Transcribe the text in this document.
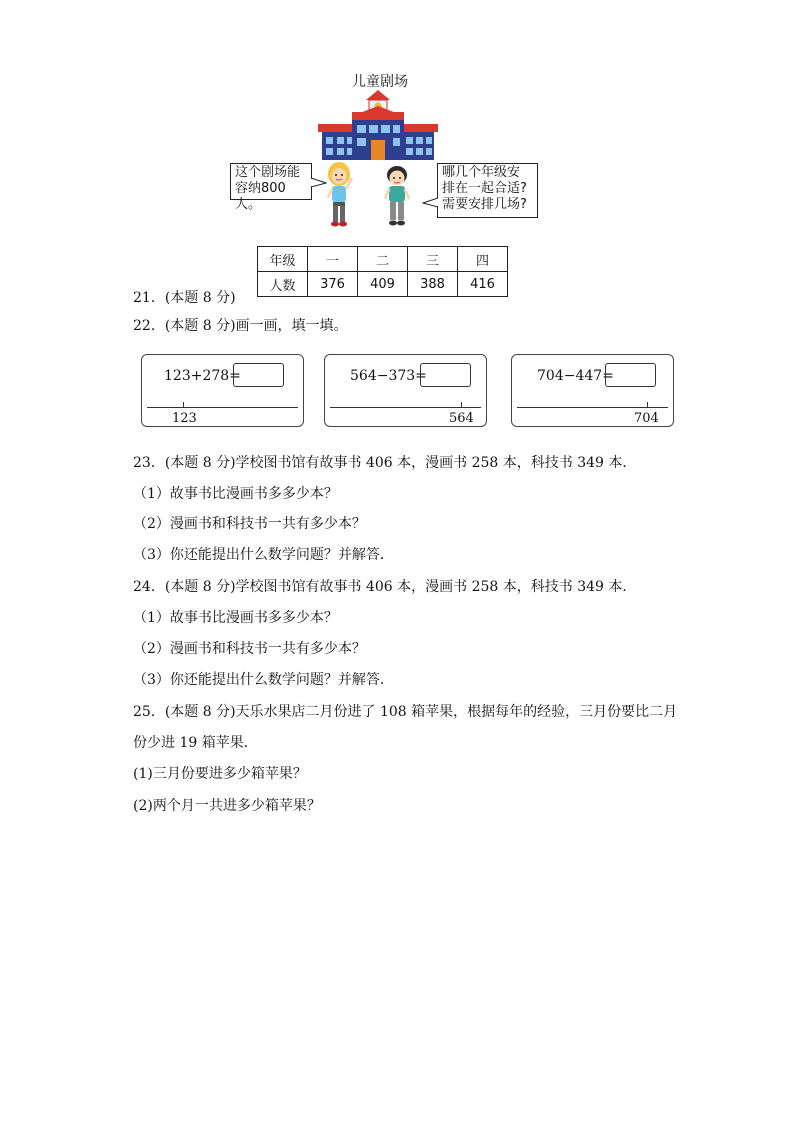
儿童剧场
这个剧场能
容纳800人。
哪几个年级安
排在一起合适?
需要安排几场?
年级	一	二	三	四
人数	376	409	388	416
21．(本题 8 分)
22．(本题 8 分)画一画，填一填。
123+278=
123
564−373=
564
704−447=
704
23．(本题 8 分)学校图书馆有故事书 406 本，漫画书 258 本，科技书 349 本．
（1）故事书比漫画书多多少本？
（2）漫画书和科技书一共有多少本？
（3）你还能提出什么数学问题？并解答．
24．(本题 8 分)学校图书馆有故事书 406 本，漫画书 258 本，科技书 349 本．
（1）故事书比漫画书多多少本？
（2）漫画书和科技书一共有多少本？
（3）你还能提出什么数学问题？并解答．
25．(本题 8 分)天乐水果店二月份进了 108 箱苹果，根据每年的经验，三月份要比二月
份少进 19 箱苹果．
(1)三月份要进多少箱苹果？
(2)两个月一共进多少箱苹果？
